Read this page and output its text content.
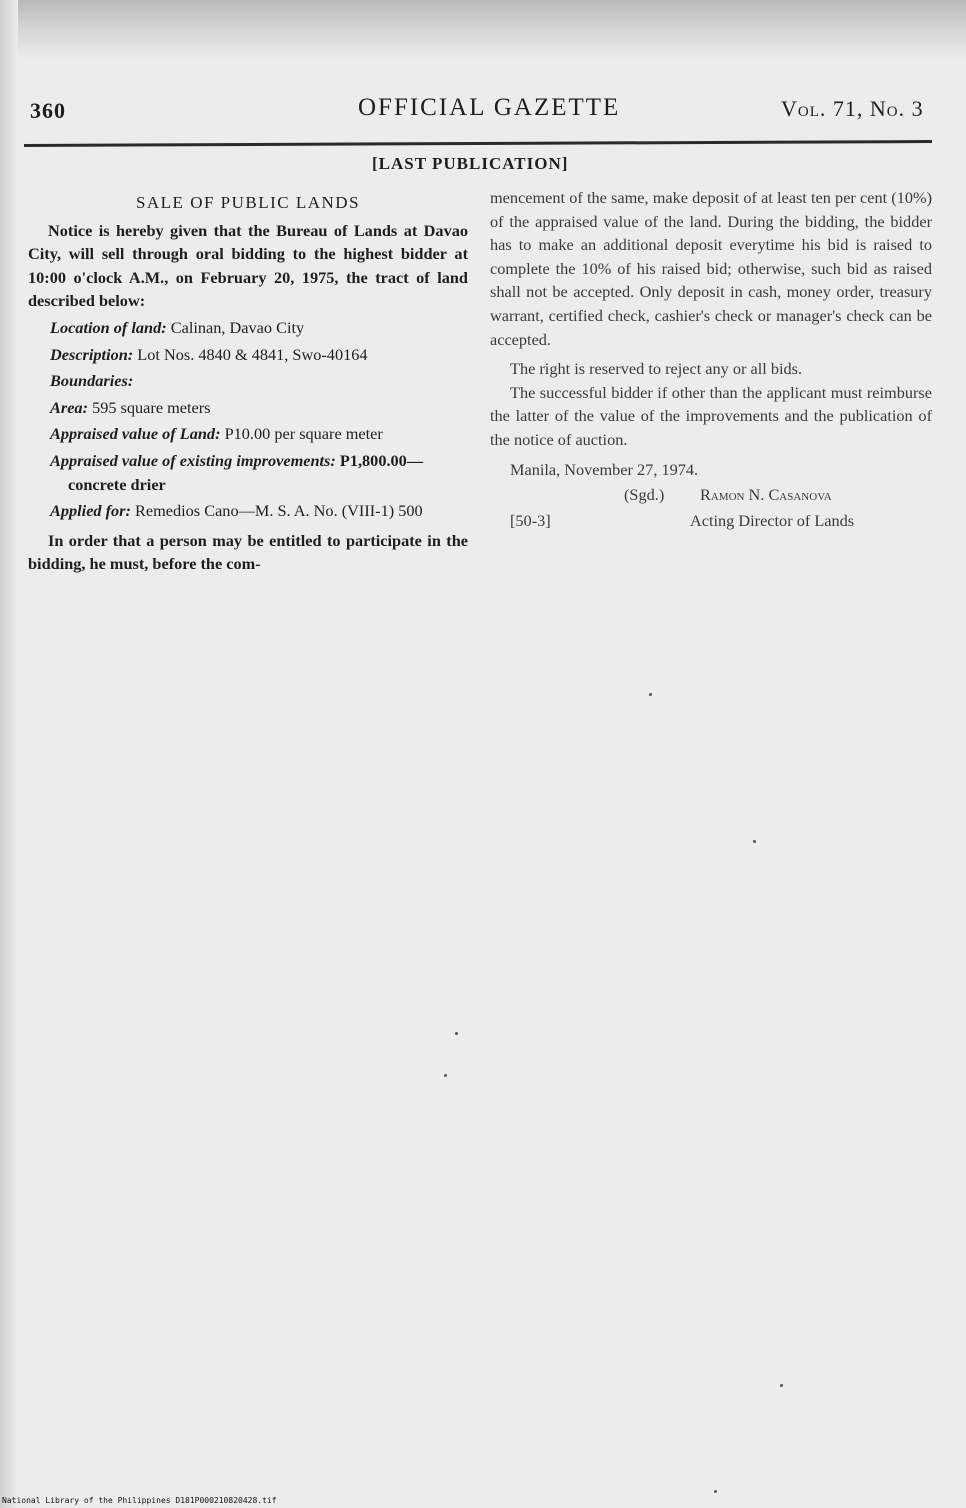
360	OFFICIAL GAZETTE	Vol. 71, No. 3
[LAST PUBLICATION]
SALE OF PUBLIC LANDS

Notice is hereby given that the Bureau of Lands at Davao City, will sell through oral bidding to the highest bidder at 10:00 o'clock A.M., on February 20, 1975, the tract of land described below:

Location of land: Calinan, Davao City

Description: Lot Nos. 4840 & 4841, Swo-40164

Boundaries:

Area: 595 square meters

Appraised value of Land: P10.00 per square meter

Appraised value of existing improvements: P1,800.00—concrete drier

Applied for: Remedios Cano—M. S. A. No. (VIII-1) 500

In order that a person may be entitled to participate in the bidding, he must, before the com-

mencement of the same, make deposit of at least ten per cent (10%) of the appraised value of the land. During the bidding, the bidder has to make an additional deposit everytime his bid is raised to complete the 10% of his raised bid; otherwise, such bid as raised shall not be accepted. Only deposit in cash, money order, treasury warrant, certified check, cashier's check or manager's check can be accepted.

The right is reserved to reject any or all bids.

The successful bidder if other than the applicant must reimburse the latter of the value of the improvements and the publication of the notice of auction.

Manila, November 27, 1974.

(Sgd.) Ramon N. Casanova
[50-3]	Acting Director of Lands
National Library of the Philippines D181P000210820428.tif
